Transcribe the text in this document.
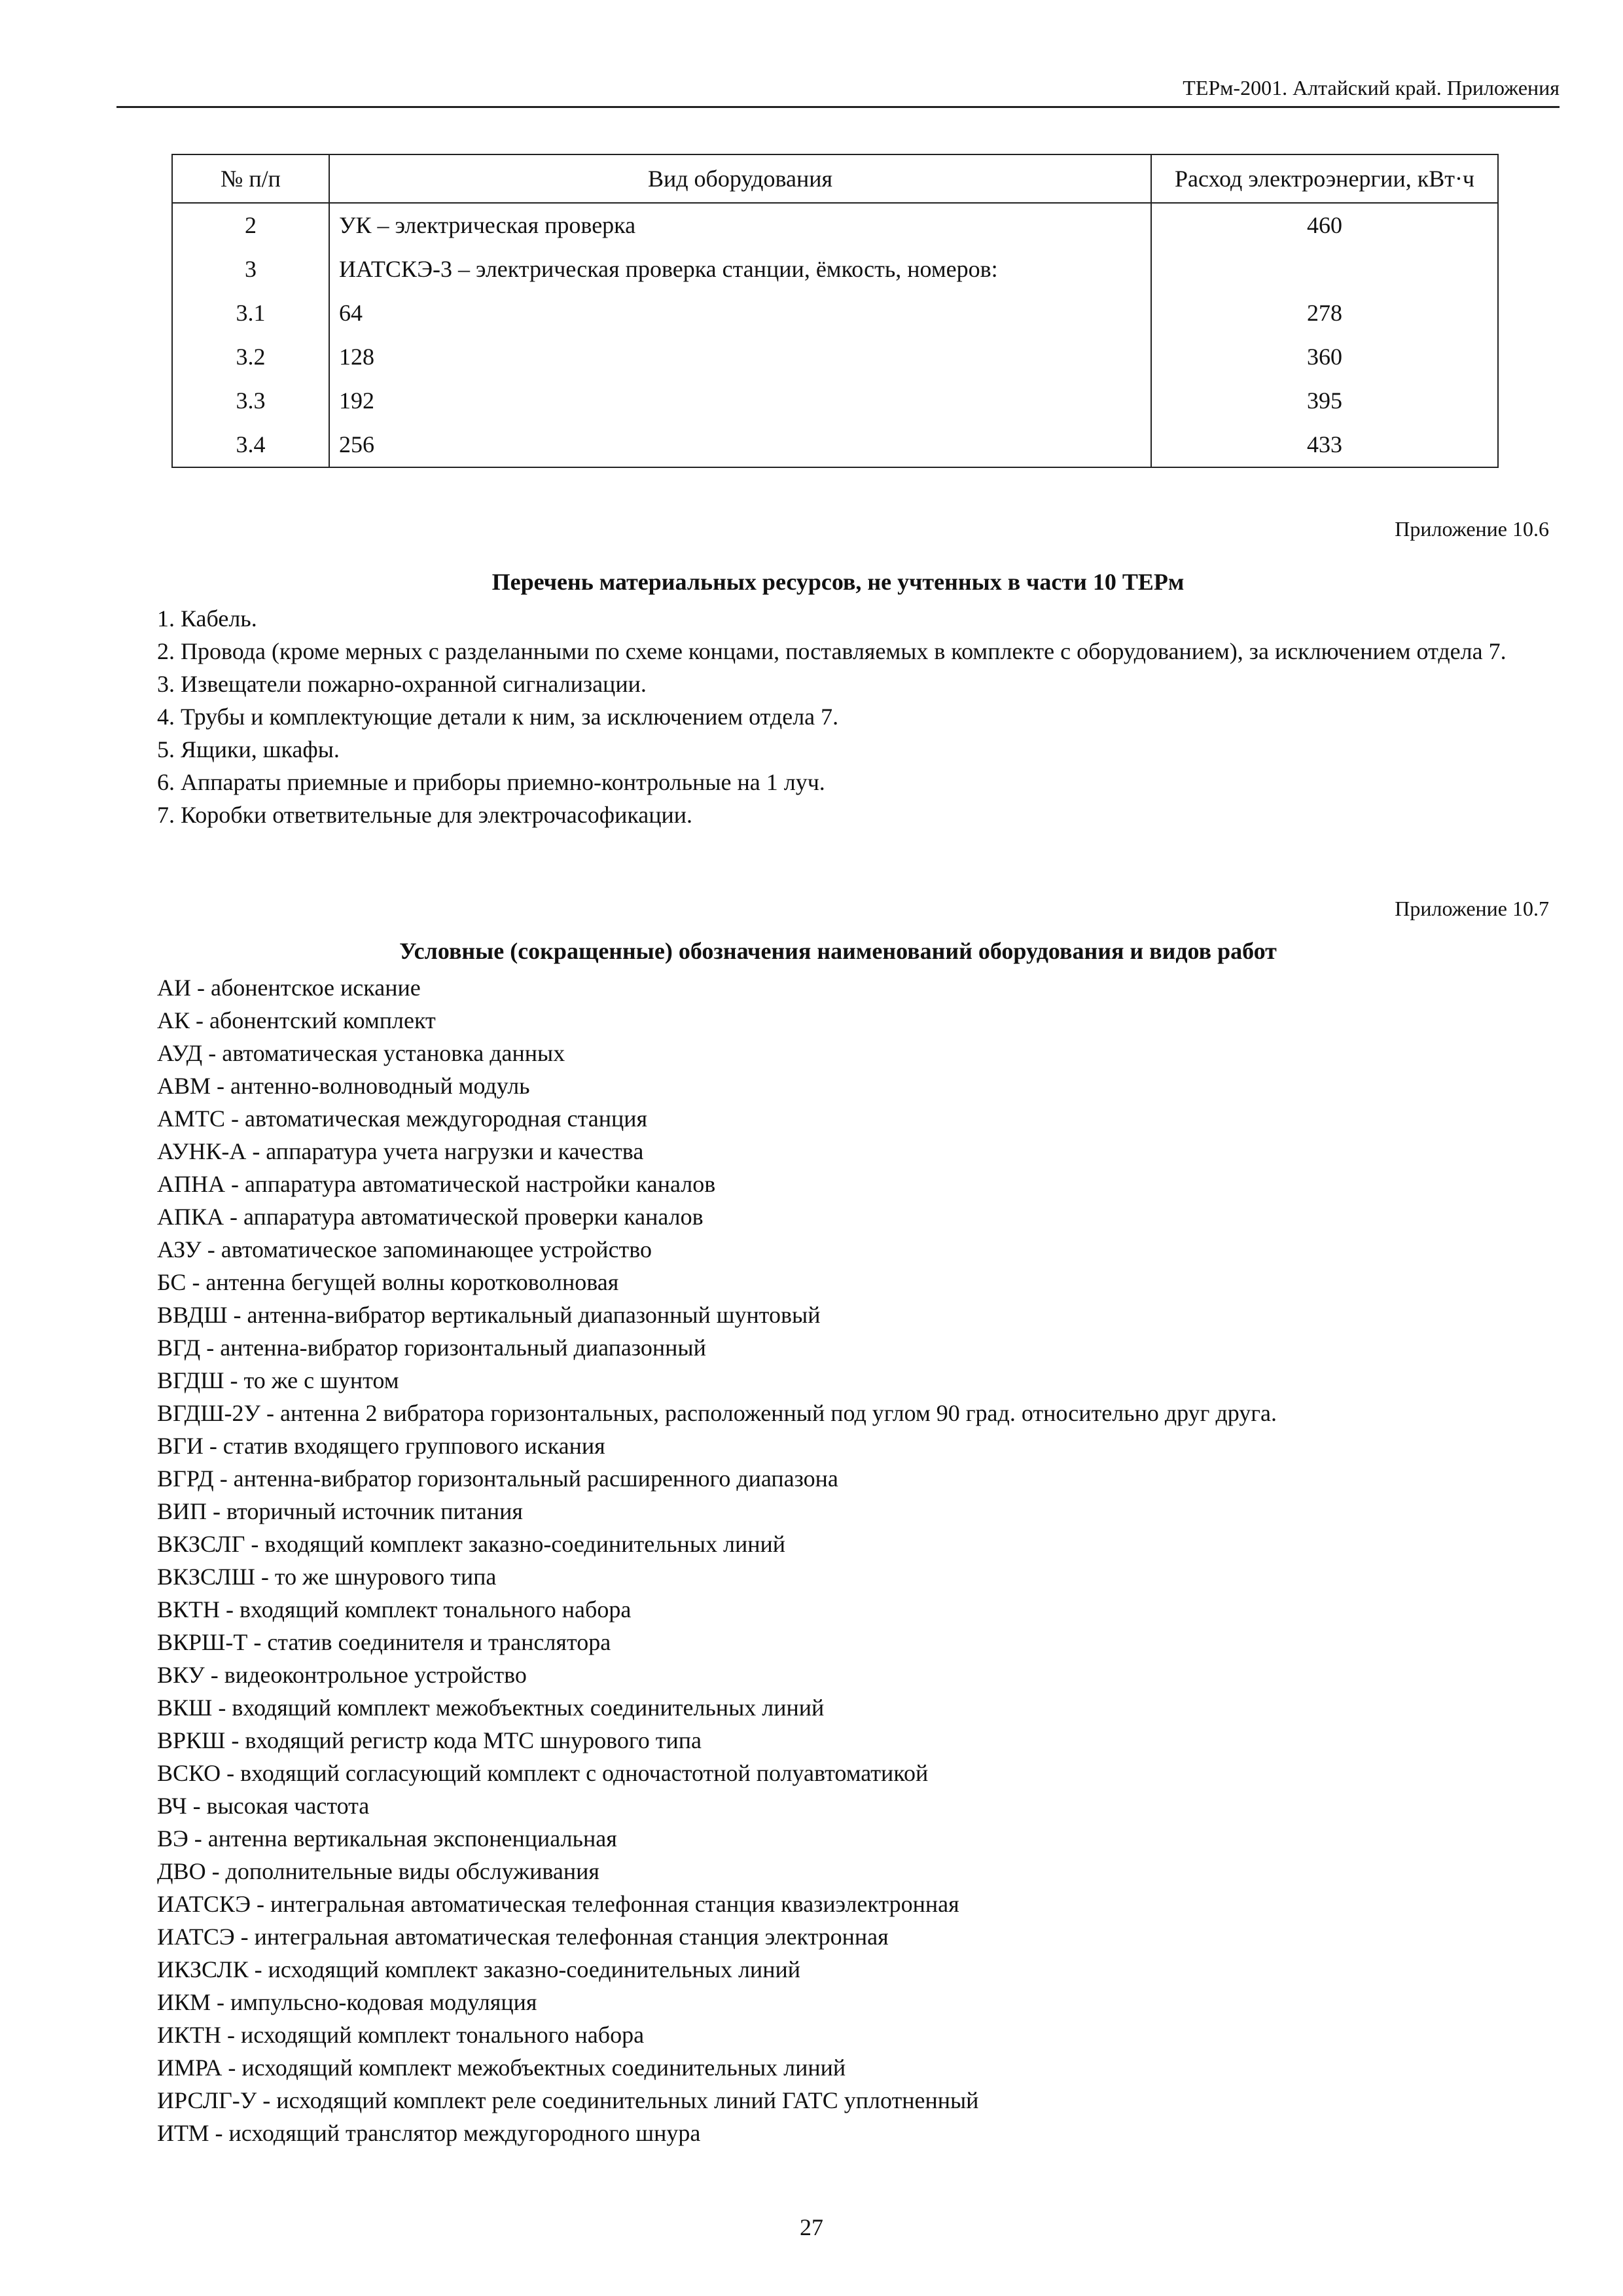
ТЕРм-2001. Алтайский край. Приложения
№ п/п	Вид оборудования	Расход электроэнергии, кВт·ч
2	УК – электрическая проверка	460
3	ИАТСКЭ-3 – электрическая проверка станции, ёмкость, номеров:	
3.1	64	278
3.2	128	360
3.3	192	395
3.4	256	433
Приложение 10.6
Перечень материальных ресурсов, не учтенных в части 10 ТЕРм

1. Кабель.

2. Провода (кроме мерных с разделанными по схеме концами, поставляемых в комплекте с оборудованием), за исключением отдела 7.

3. Извещатели пожарно-охранной сигнализации.

4. Трубы и комплектующие детали к ним, за исключением отдела 7.

5. Ящики, шкафы.

6. Аппараты приемные и приборы приемно-контрольные на 1 луч.

7. Коробки ответвительные для электрочасофикации.

Приложение 10.7
Условные (сокращенные) обозначения наименований оборудования и видов работ
АИ - абонентское искание
АК - абонентский комплект
АУД - автоматическая установка данных
АВМ - антенно-волноводный модуль
АМТС - автоматическая междугородная станция
АУНК-А - аппаратура учета нагрузки и качества
АПНА - аппаратура автоматической настройки каналов
АПКА - аппаратура автоматической проверки каналов
АЗУ - автоматическое запоминающее устройство
БС - антенна бегущей волны коротковолновая
ВВДШ - антенна-вибратор вертикальный диапазонный шунтовый
ВГД - антенна-вибратор горизонтальный диапазонный
ВГДШ - то же с шунтом
ВГДШ-2У - антенна 2 вибратора горизонтальных, расположенный под углом 90 град. относительно друг друга.
ВГИ - статив входящего группового искания
ВГРД - антенна-вибратор горизонтальный расширенного диапазона
ВИП - вторичный источник питания
ВКЗСЛГ - входящий комплект заказно-соединительных линий
ВКЗСЛШ - то же шнурового типа
ВКТН - входящий комплект тонального набора
ВКРШ-Т - статив соединителя и транслятора
ВКУ - видеоконтрольное устройство
ВКШ - входящий комплект межобъектных соединительных линий
ВРКШ - входящий регистр кода МТС шнурового типа
ВСКО - входящий согласующий комплект с одночастотной полуавтоматикой
ВЧ - высокая частота
ВЭ - антенна вертикальная экспоненциальная
ДВО - дополнительные виды обслуживания
ИАТСКЭ - интегральная автоматическая телефонная станция квазиэлектронная
ИАТСЭ - интегральная автоматическая телефонная станция электронная
ИКЗСЛК - исходящий комплект заказно-соединительных линий
ИКМ - импульсно-кодовая модуляция
ИКТН - исходящий комплект тонального набора
ИМРА - исходящий комплект межобъектных соединительных линий
ИРСЛГ-У - исходящий комплект реле соединительных линий ГАТС уплотненный
ИТМ - исходящий транслятор междугородного шнура
27
